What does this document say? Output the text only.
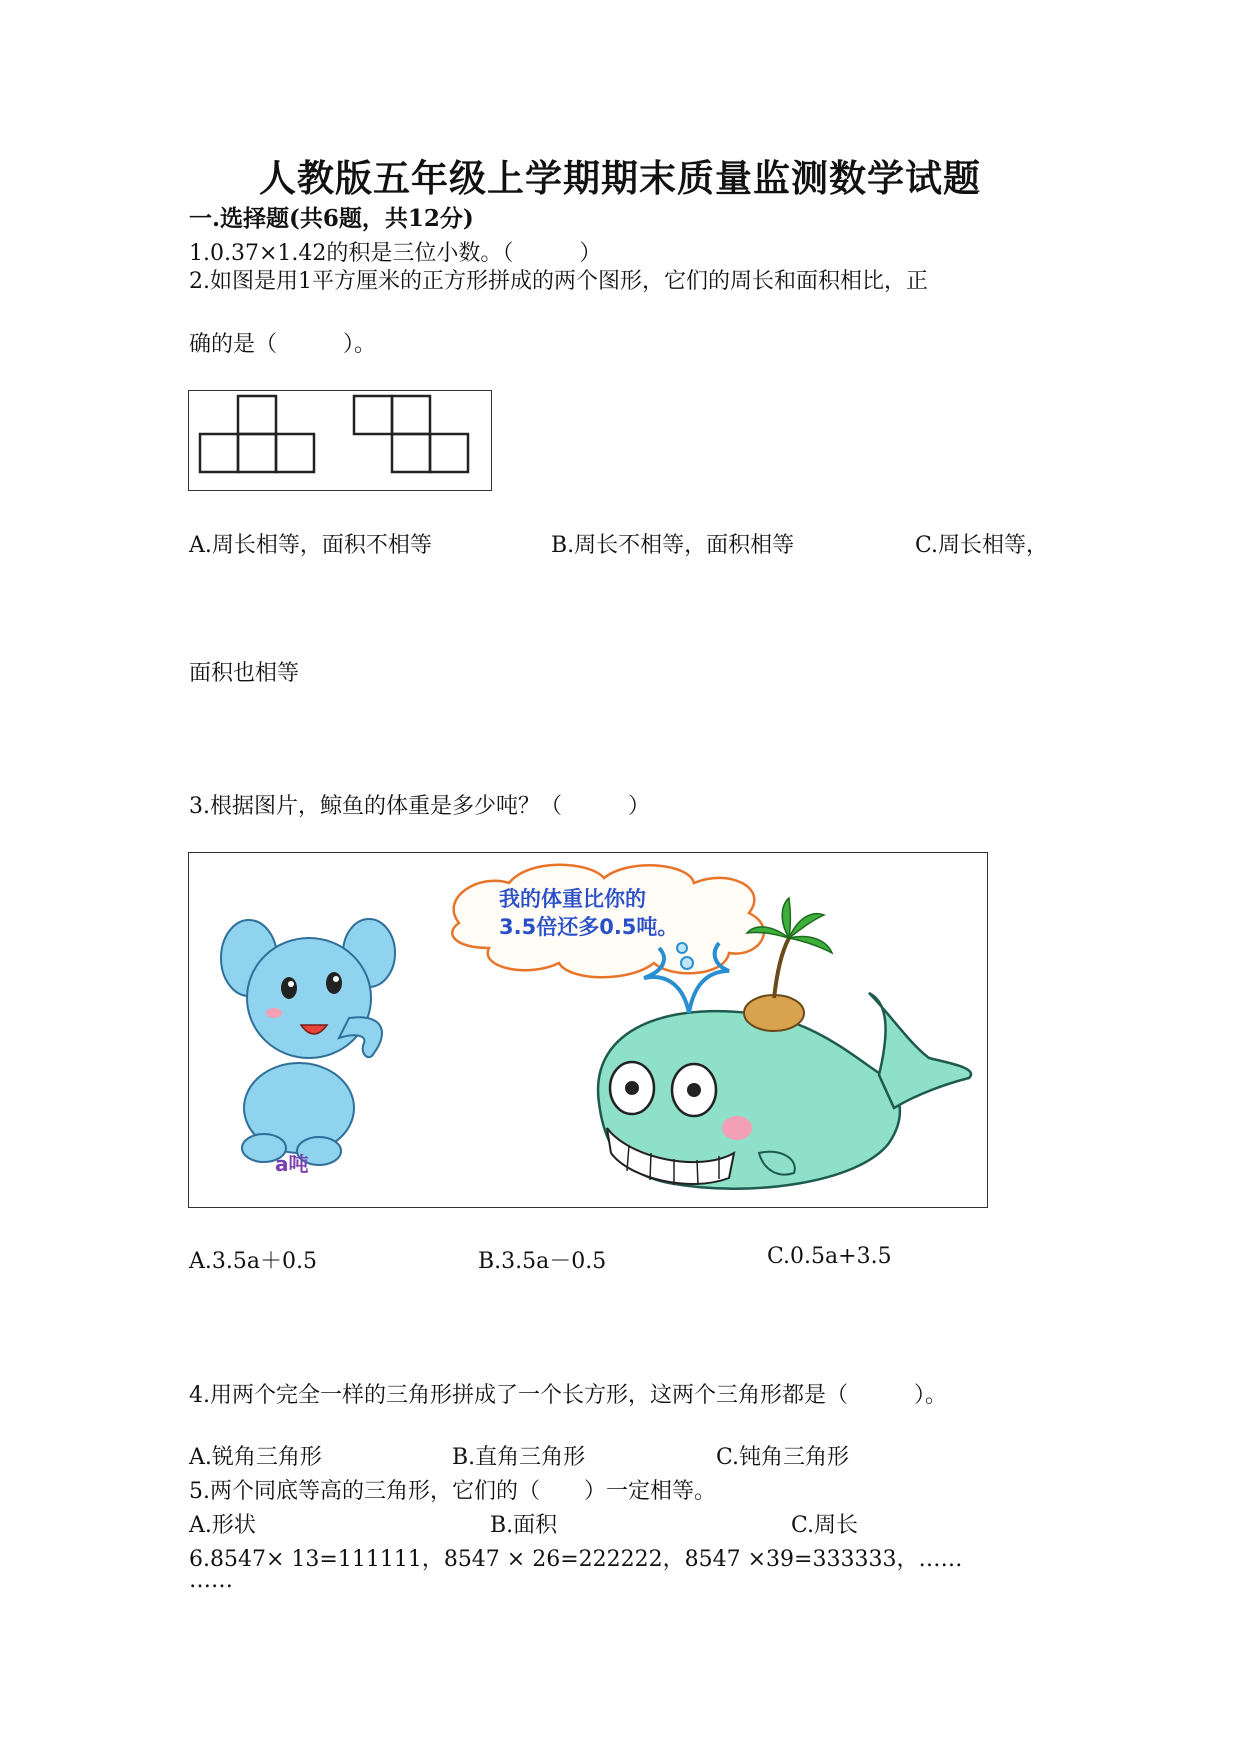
人教版五年级上学期期末质量监测数学试题
一.选择题(共6题，共12分)
1.0.37×1.42的积是三位小数。（　　　）
2.如图是用1平方厘米的正方形拼成的两个图形，它们的周长和面积相比，正
确的是（　　　）。
A.周长相等，面积不相等	B.周长不相等，面积相等	C.周长相等，
面积也相等
3.根据图片，鲸鱼的体重是多少吨？（　　　）
a吨
我的体重比你的
3.5倍还多0.5吨。
A.3.5a＋0.5	B.3.5a－0.5	C.0.5a+3.5
4.用两个完全一样的三角形拼成了一个长方形，这两个三角形都是（　　　）。
A.锐角三角形	B.直角三角形	C.钝角三角形
5.两个同底等高的三角形，它们的（　　）一定相等。
A.形状	B.面积	C.周长
6.8547× 13=111111，8547 × 26=222222，8547 ×39=333333，……
……
